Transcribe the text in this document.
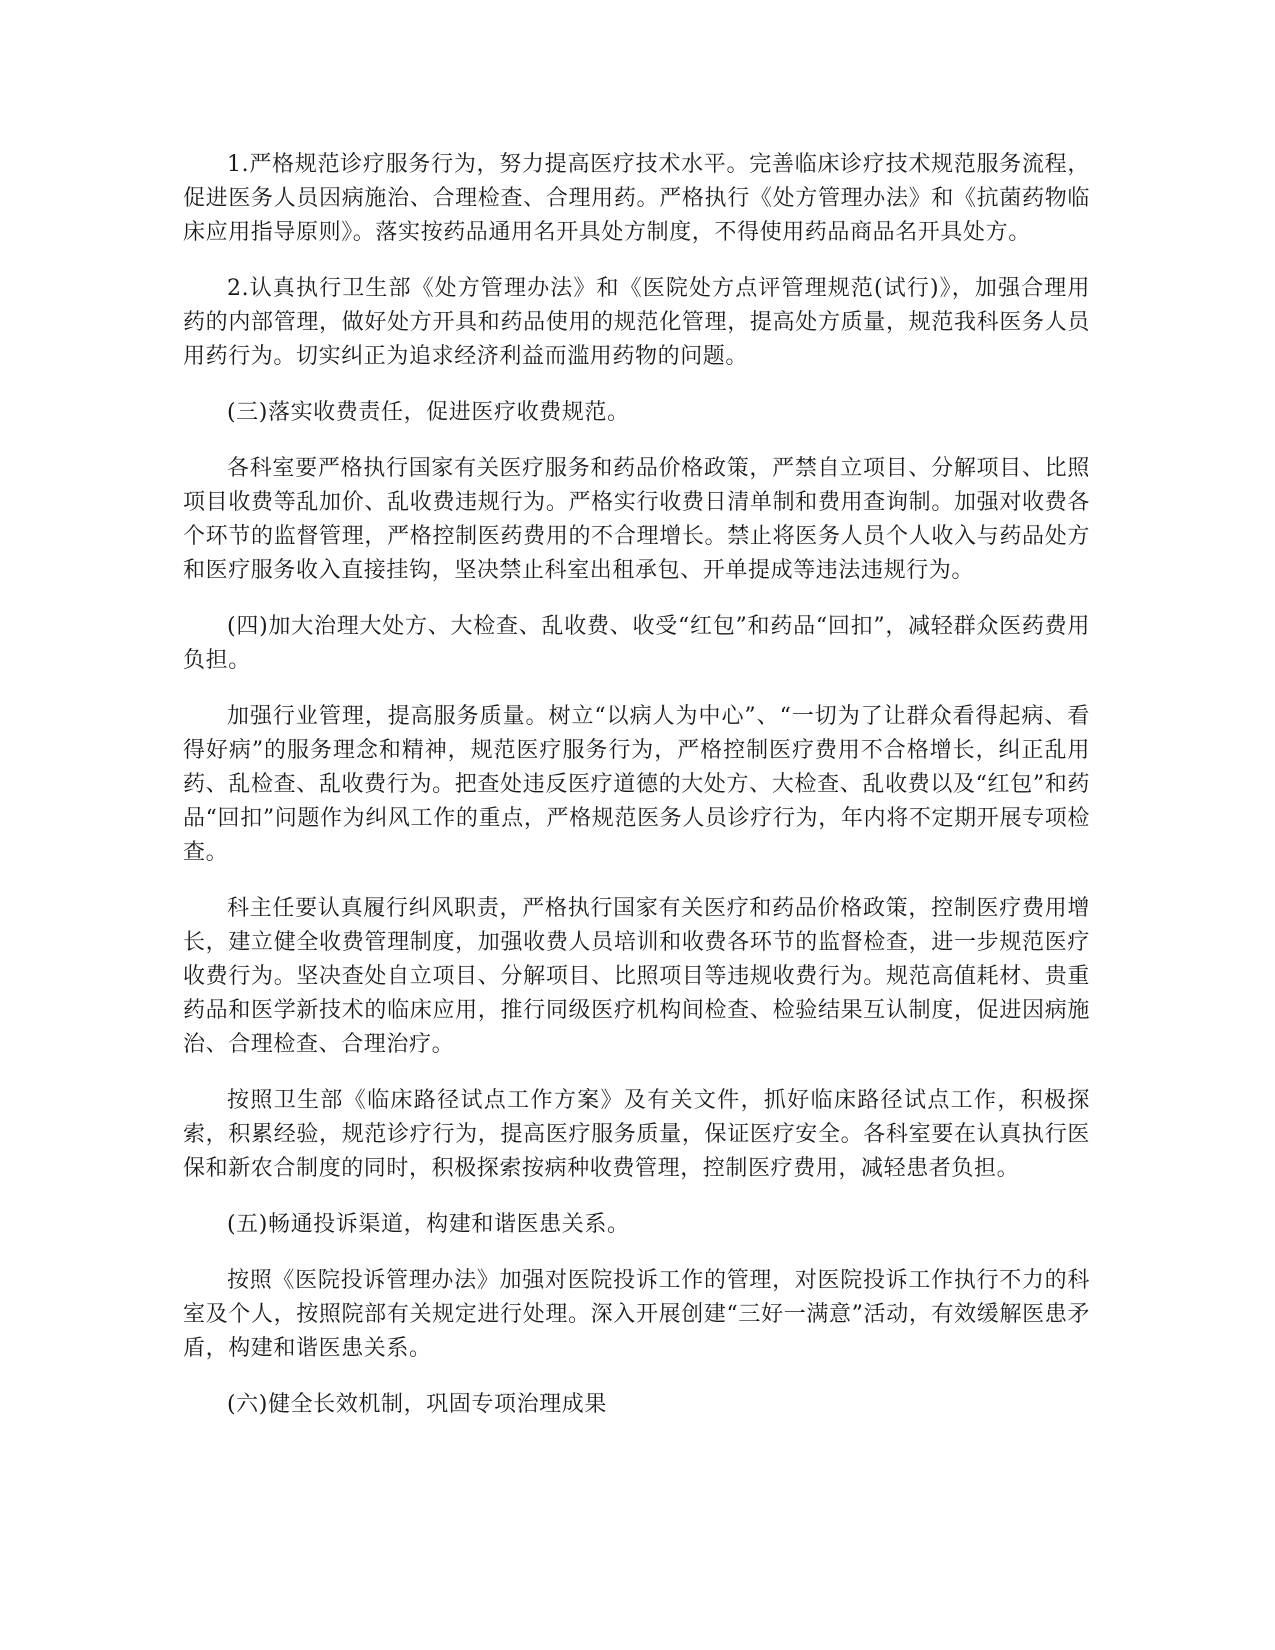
1.严格规范诊疗服务行为，努力提高医疗技术水平。完善临床诊疗技术规范服务流程，促进医务人员因病施治、合理检查、合理用药。严格执行《处方管理办法》和《抗菌药物临床应用指导原则》。落实按药品通用名开具处方制度，不得使用药品商品名开具处方。

2.认真执行卫生部《处方管理办法》和《医院处方点评管理规范(试行)》，加强合理用药的内部管理，做好处方开具和药品使用的规范化管理，提高处方质量，规范我科医务人员用药行为。切实纠正为追求经济利益而滥用药物的问题。

(三)落实收费责任，促进医疗收费规范。

各科室要严格执行国家有关医疗服务和药品价格政策，严禁自立项目、分解项目、比照项目收费等乱加价、乱收费违规行为。严格实行收费日清单制和费用查询制。加强对收费各个环节的监督管理，严格控制医药费用的不合理增长。禁止将医务人员个人收入与药品处方和医疗服务收入直接挂钩，坚决禁止科室出租承包、开单提成等违法违规行为。

(四)加大治理大处方、大检查、乱收费、收受“红包”和药品“回扣”，减轻群众医药费用负担。

加强行业管理，提高服务质量。树立“以病人为中心”、“一切为了让群众看得起病、看得好病”的服务理念和精神，规范医疗服务行为，严格控制医疗费用不合格增长，纠正乱用药、乱检查、乱收费行为。把查处违反医疗道德的大处方、大检查、乱收费以及“红包”和药品“回扣”问题作为纠风工作的重点，严格规范医务人员诊疗行为，年内将不定期开展专项检查。

科主任要认真履行纠风职责，严格执行国家有关医疗和药品价格政策，控制医疗费用增长，建立健全收费管理制度，加强收费人员培训和收费各环节的监督检查，进一步规范医疗收费行为。坚决查处自立项目、分解项目、比照项目等违规收费行为。规范高值耗材、贵重药品和医学新技术的临床应用，推行同级医疗机构间检查、检验结果互认制度，促进因病施治、合理检查、合理治疗。

按照卫生部《临床路径试点工作方案》及有关文件，抓好临床路径试点工作，积极探索，积累经验，规范诊疗行为，提高医疗服务质量，保证医疗安全。各科室要在认真执行医保和新农合制度的同时，积极探索按病种收费管理，控制医疗费用，减轻患者负担。

(五)畅通投诉渠道，构建和谐医患关系。

按照《医院投诉管理办法》加强对医院投诉工作的管理，对医院投诉工作执行不力的科室及个人，按照院部有关规定进行处理。深入开展创建“三好一满意”活动，有效缓解医患矛盾，构建和谐医患关系。

(六)健全长效机制，巩固专项治理成果
